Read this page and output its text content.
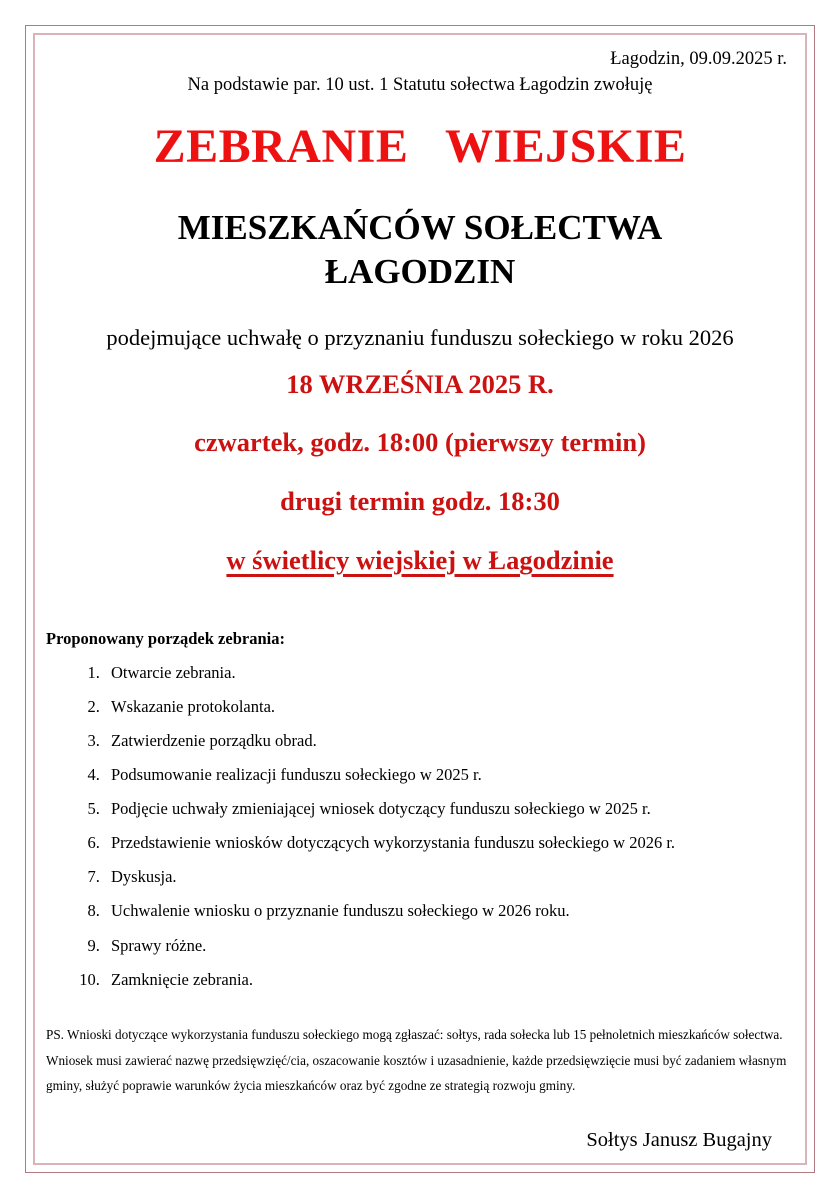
Łagodzin, 09.09.2025 r.
Na podstawie par. 10 ust. 1 Statutu sołectwa Łagodzin zwołuję
ZEBRANIE   WIEJSKIE
MIESZKAŃCÓW SOŁECTWA
ŁAGODZIN
podejmujące uchwałę o przyznaniu funduszu sołeckiego w roku 2026
18 WRZEŚNIA 2025 R.
czwartek, godz. 18:00 (pierwszy termin)
drugi termin godz. 18:30
w świetlicy wiejskiej w Łagodzinie
Proponowany porządek zebrania:
1. Otwarcie zebrania.
2. Wskazanie protokolanta.
3. Zatwierdzenie porządku obrad.
4. Podsumowanie realizacji funduszu sołeckiego w 2025 r.
5. Podjęcie uchwały zmieniającej wniosek dotyczący funduszu sołeckiego w 2025 r.
6. Przedstawienie wniosków dotyczących wykorzystania funduszu sołeckiego w 2026 r.
7. Dyskusja.
8. Uchwalenie wniosku o przyznanie funduszu sołeckiego w 2026 roku.
9. Sprawy różne.
10. Zamknięcie zebrania.
PS. Wnioski dotyczące wykorzystania funduszu sołeckiego mogą zgłaszać: sołtys, rada sołecka lub 15 pełnoletnich mieszkańców sołectwa. Wniosek musi zawierać nazwę przedsięwzięć/cia, oszacowanie kosztów i uzasadnienie, każde przedsięwzięcie musi być zadaniem własnym gminy, służyć poprawie warunków życia mieszkańców oraz być zgodne ze strategią rozwoju gminy.
Sołtys Janusz Bugajny
